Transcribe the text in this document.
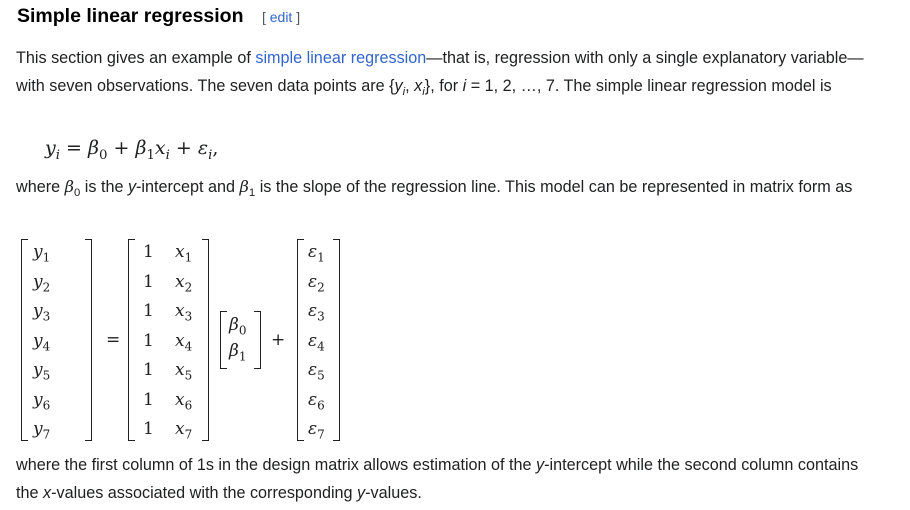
Simple linear regression [ edit ]

This section gives an example of simple linear regression—that is, regression with only a single explanatory variable—with seven observations. The seven data points are {$y_i$, $x_i$}, for i = 1, 2, …, 7. The simple linear regression model is

$y_i = \beta_0 + \beta_1x_i + \varepsilon_i$,

where $\beta_0$ is the y-intercept and $\beta_1$ is the slope of the regression line. This model can be represented in matrix form as

=	+
$y_1$	1 $x_1$	$\varepsilon_1$
$y_2$	1 $x_2$	$\varepsilon_2$
$y_3$	1 $x_3$	$\varepsilon_3$
$y_4$	1 $x_4$	$\varepsilon_4$
$y_5$	1 $x_5$	$\varepsilon_5$
$y_6$	1 $x_6$	$\varepsilon_6$
$y_7$	1 $x_7$	$\varepsilon_7$
$\beta_0$
$\beta_1$

where the first column of 1s in the design matrix allows estimation of the y-intercept while the second column contains the x-values associated with the corresponding y-values.
